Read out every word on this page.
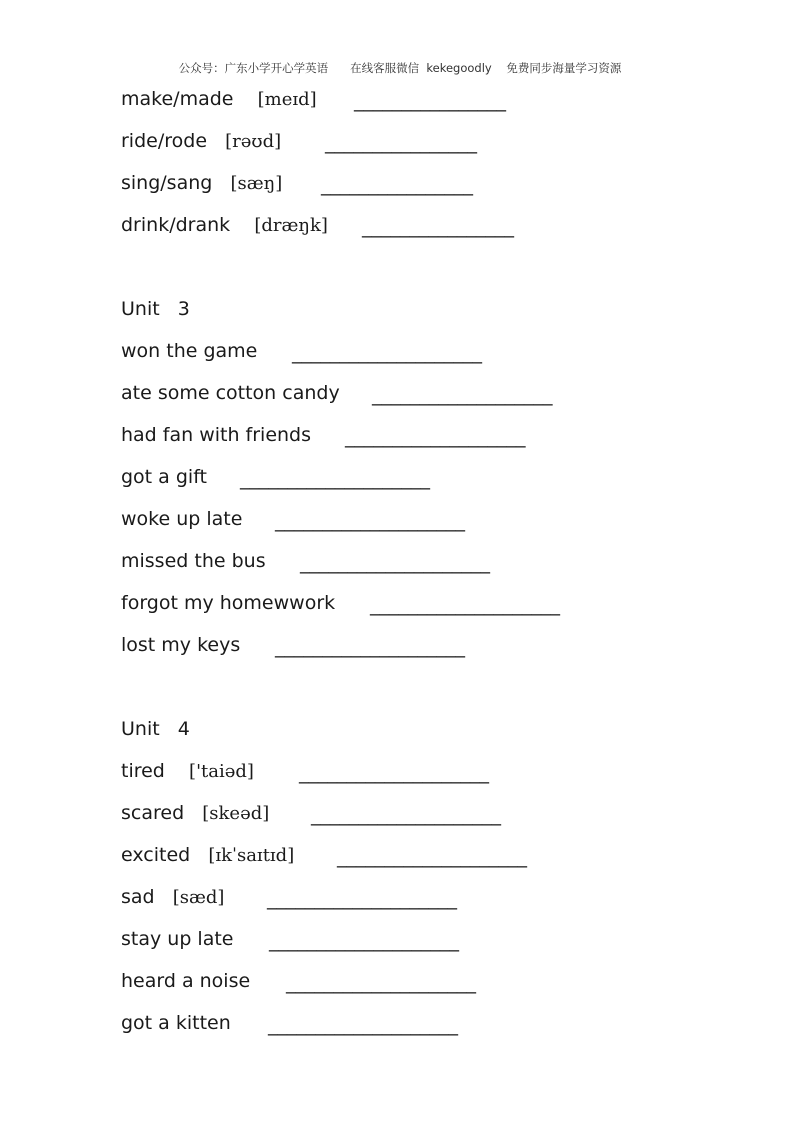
公众号：广东小学开心学英语      在线客服微信  kekegoodly    免费同步海量学习资源
make/made [meɪd] ________________
ride/rode [rəʊd] ________________
sing/sang [sæŋ] ________________
drink/drank [dræŋk] ________________
Unit   3
won the game ____________________
ate some cotton candy ___________________
had fan with friends ___________________
got a gift ____________________
woke up late ____________________
missed the bus ____________________
forgot my homewwork ____________________
lost my keys ____________________
Unit   4
tired ['taiəd] ____________________
scared [skeəd] ____________________
excited [ɪkˈsaɪtɪd] ____________________
sad [sæd] ____________________
stay up late ____________________
heard a noise ____________________
got a kitten ____________________
